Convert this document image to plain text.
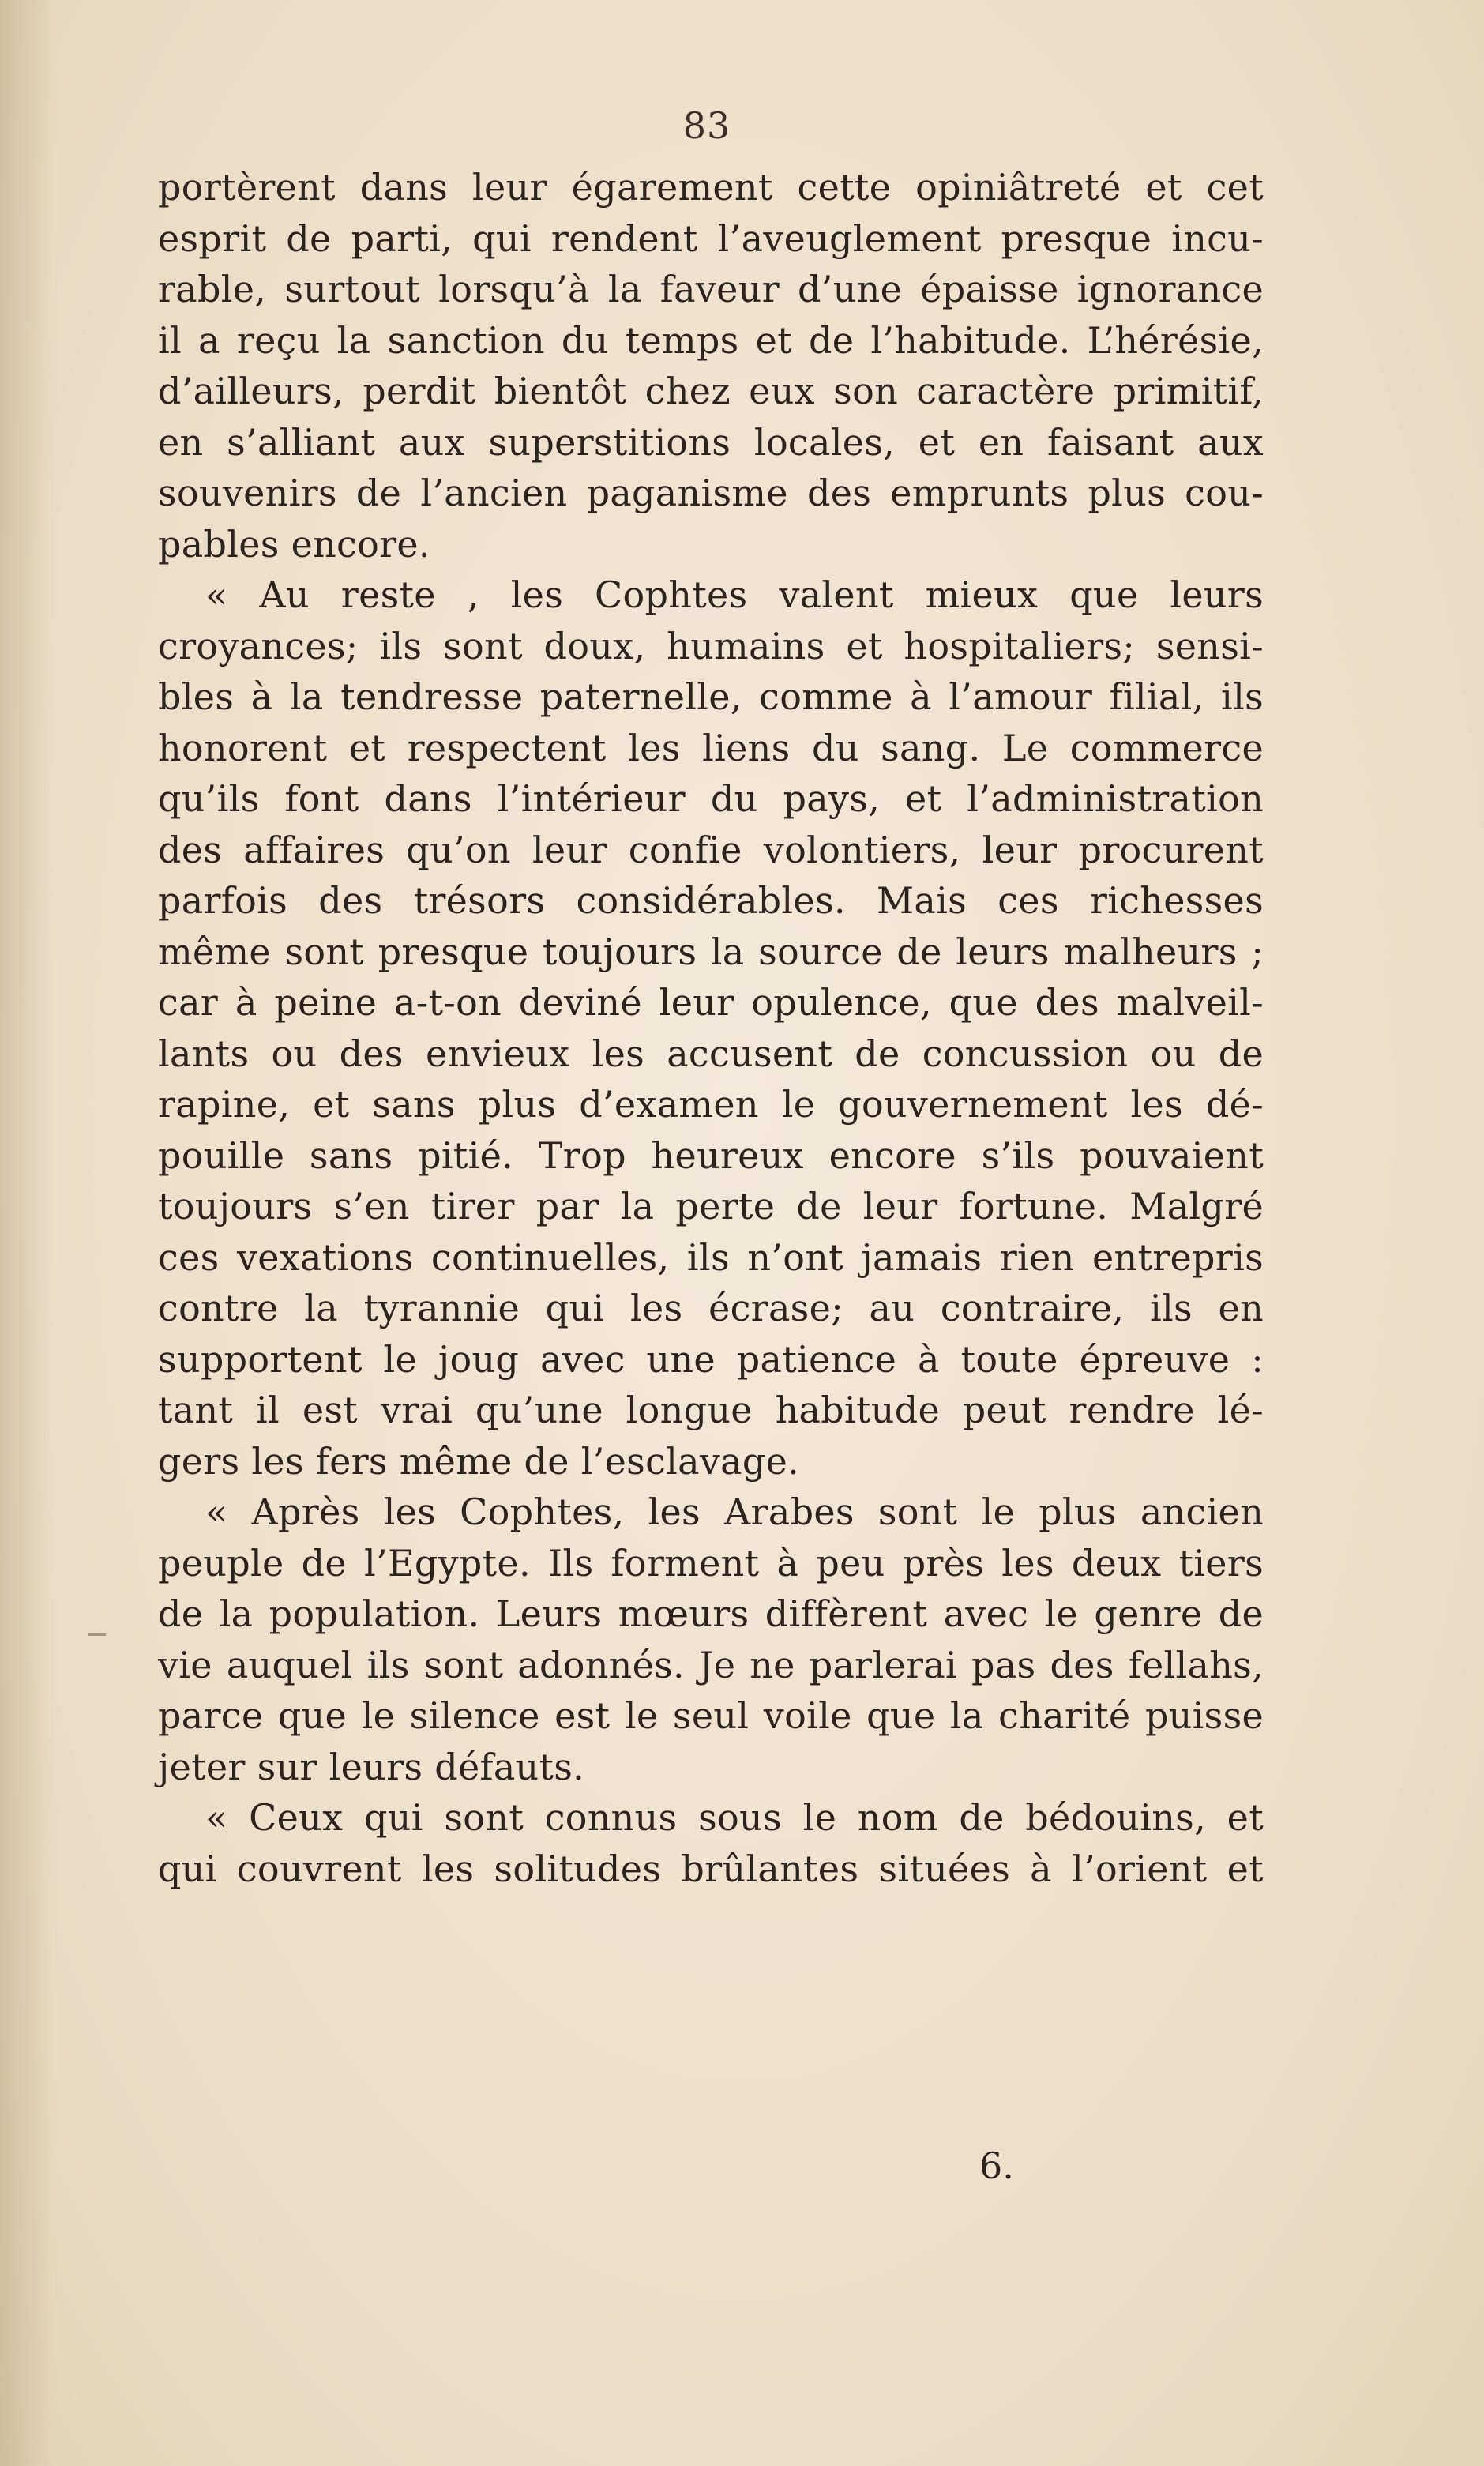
83
portèrent dans leur égarement cette opiniâtreté et cet
esprit de parti, qui rendent l’aveuglement presque incu-
rable, surtout lorsqu’à la faveur d’une épaisse ignorance
il a reçu la sanction du temps et de l’habitude. L’hérésie,
d’ailleurs, perdit bientôt chez eux son caractère primitif,
en s’alliant aux superstitions locales, et en faisant aux
souvenirs de l’ancien paganisme des emprunts plus cou-
pables encore.
« Au reste , les Cophtes valent mieux que leurs
croyances; ils sont doux, humains et hospitaliers; sensi-
bles à la tendresse paternelle, comme à l’amour filial, ils
honorent et respectent les liens du sang. Le commerce
qu’ils font dans l’intérieur du pays, et l’administration
des affaires qu’on leur confie volontiers, leur procurent
parfois des trésors considérables. Mais ces richesses
même sont presque toujours la source de leurs malheurs ;
car à peine a-t-on deviné leur opulence, que des malveil-
lants ou des envieux les accusent de concussion ou de
rapine, et sans plus d’examen le gouvernement les dé-
pouille sans pitié. Trop heureux encore s’ils pouvaient
toujours s’en tirer par la perte de leur fortune. Malgré
ces vexations continuelles, ils n’ont jamais rien entrepris
contre la tyrannie qui les écrase; au contraire, ils en
supportent le joug avec une patience à toute épreuve :
tant il est vrai qu’une longue habitude peut rendre lé-
gers les fers même de l’esclavage.
« Après les Cophtes, les Arabes sont le plus ancien
peuple de l’Egypte. Ils forment à peu près les deux tiers
de la population. Leurs mœurs diffèrent avec le genre de
vie auquel ils sont adonnés. Je ne parlerai pas des fellahs,
parce que le silence est le seul voile que la charité puisse
jeter sur leurs défauts.
« Ceux qui sont connus sous le nom de bédouins, et
qui couvrent les solitudes brûlantes situées à l’orient et
6.
